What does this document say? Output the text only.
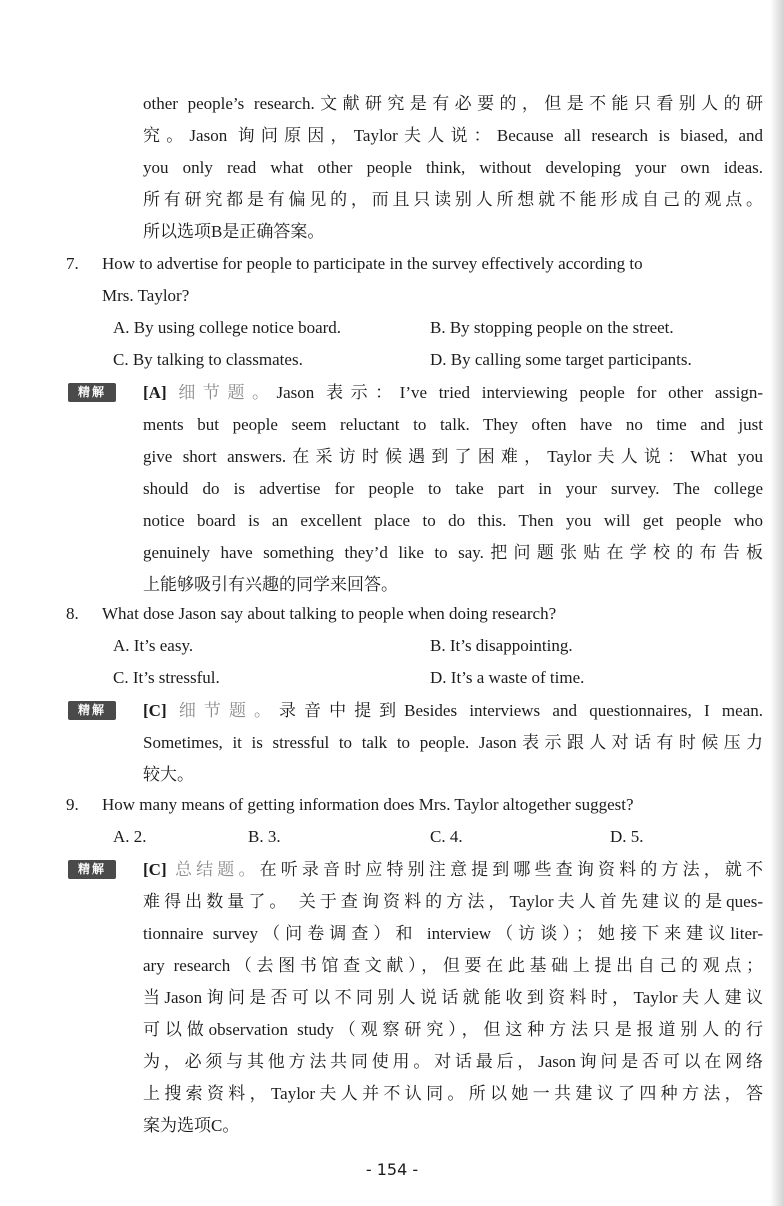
other people’s research.文献研究是有必要的，但是不能只看别人的研
究。Jason 询问原因，Taylor夫人说：Because all research is biased, and
you only read what other people think, without developing your own ideas.
所有研究都是有偏见的，而且只读别人所想就不能形成自己的观点。
所以选项B是正确答案。
7. How to advertise for people to participate in the survey effectively according to
Mrs. Taylor?
A. By using college notice board.	B. By stopping people on the street.
C. By talking to classmates.	D. By calling some target participants.
精解	[A] 细节题。Jason 表示：I’ve tried interviewing people for other assign-
ments but people seem reluctant to talk. They often have no time and just
give short answers.在采访时候遇到了困难，Taylor夫人说：What you
should do is advertise for people to take part in your survey. The college
notice board is an excellent place to do this. Then you will get people who
genuinely have something they’d like to say.把问题张贴在学校的布告板
上能够吸引有兴趣的同学来回答。
8. What dose Jason say about talking to people when doing research?
A. It’s easy.	B. It’s disappointing.
C. It’s stressful.	D. It’s a waste of time.
精解	[C] 细节题。录音中提到Besides interviews and questionnaires, I mean.
Sometimes, it is stressful to talk to people. Jason表示跟人对话有时候压力
较大。
9. How many means of getting information does Mrs. Taylor altogether suggest?
A. 2.	B. 3.	C. 4.	D. 5.
精解	[C] 总结题。在听录音时应特别注意提到哪些查询资料的方法，就不
难得出数量了。 关于查询资料的方法，Taylor夫人首先建议的是ques-
tionnaire survey（问卷调查）和 interview（访谈）；她接下来建议liter-
ary research（去图书馆查文献），但要在此基础上提出自己的观点；
当Jason询问是否可以不同别人说话就能收到资料时，Taylor夫人建议
可以做observation study（观察研究），但这种方法只是报道别人的行
为，必须与其他方法共同使用。对话最后，Jason询问是否可以在网络
上搜索资料，Taylor夫人并不认同。所以她一共建议了四种方法，答
案为选项C。
- 154 -
